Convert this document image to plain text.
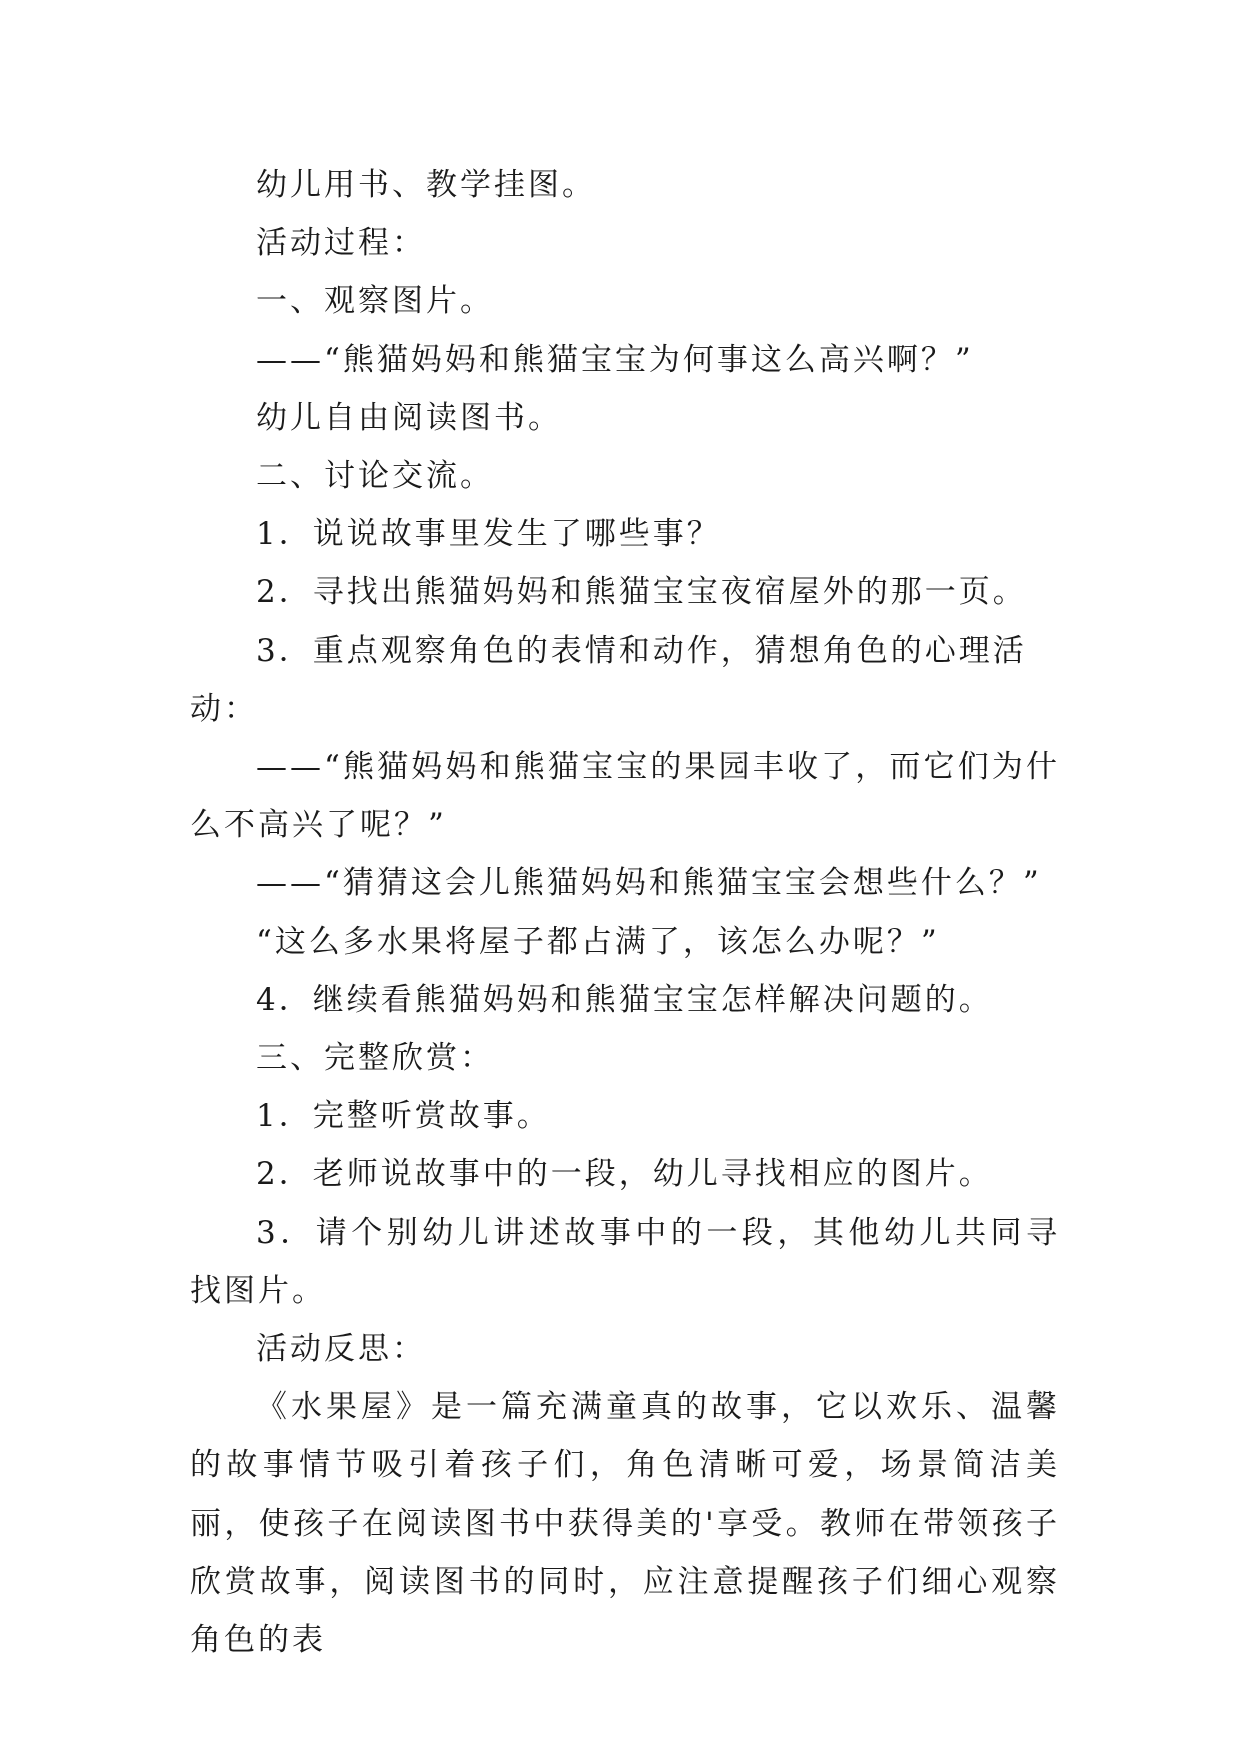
幼儿用书、教学挂图。

活动过程：

一、观察图片。

——“熊猫妈妈和熊猫宝宝为何事这么高兴啊？”

幼儿自由阅读图书。

二、讨论交流。

1．说说故事里发生了哪些事？

2．寻找出熊猫妈妈和熊猫宝宝夜宿屋外的那一页。

3．重点观察角色的表情和动作，猜想角色的心理活动：

——“熊猫妈妈和熊猫宝宝的果园丰收了，而它们为什么不高兴了呢？”

——“猜猜这会儿熊猫妈妈和熊猫宝宝会想些什么？”

“这么多水果将屋子都占满了，该怎么办呢？”

4．继续看熊猫妈妈和熊猫宝宝怎样解决问题的。

三、完整欣赏：

1．完整听赏故事。

2．老师说故事中的一段，幼儿寻找相应的图片。

3．请个别幼儿讲述故事中的一段，其他幼儿共同寻找图片。

活动反思：

《水果屋》是一篇充满童真的故事，它以欢乐、温馨的故事情节吸引着孩子们，角色清晰可爱，场景简洁美丽，使孩子在阅读图书中获得美的'享受。教师在带领孩子欣赏故事，阅读图书的同时，应注意提醒孩子们细心观察角色的表
